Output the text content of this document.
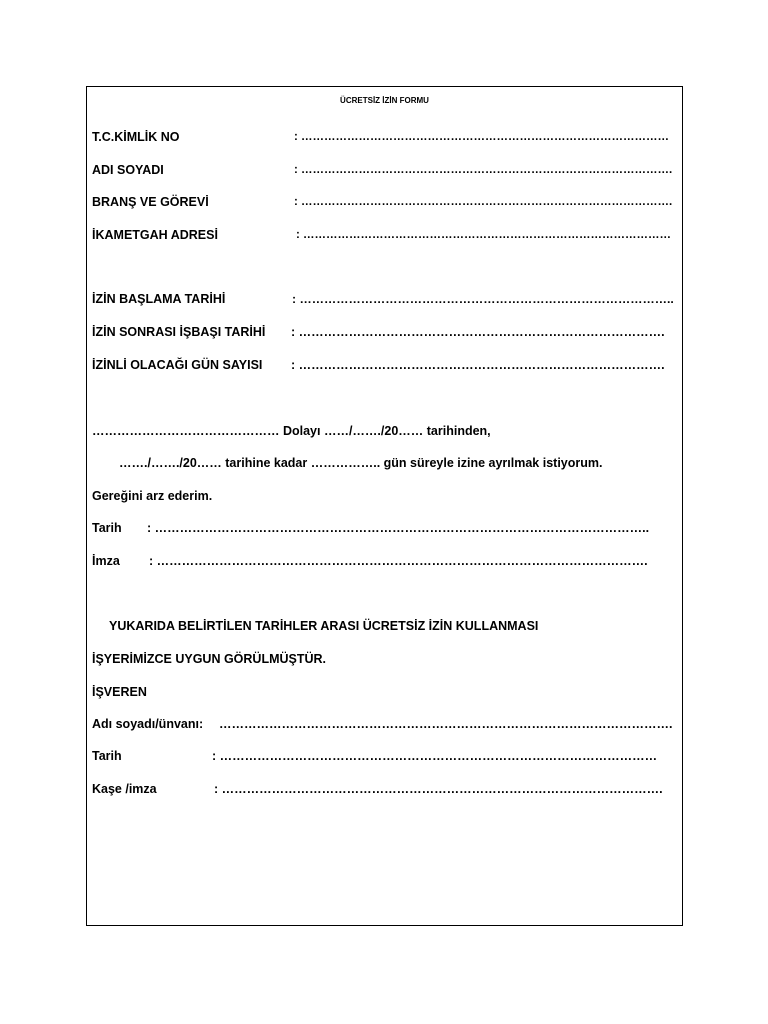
ÜCRETSİZ İZİN FORMU
T.C.KİMLİK NO	: ……………………………………………………………………………………
ADI SOYADI	: …………………………………………………………………………………….
BRANŞ VE GÖREVİ	: …………………………………………………………………………………….
İKAMETGAH ADRESİ	: ……………………………………………………………………………………
İZİN BAŞLAMA TARİHİ	: ………………………………………………………………………………..
İZİN SONRASI İŞBAŞI TARİHİ : …………………………………………………………………………….
İZİNLİ OLACAĞI GÜN SAYISI : …………………………………………………………………………….
……………………………………… Dolayı ……/……./20…… tarihinden,
……./……./20…… tarihine kadar …………….. gün süreyle izine ayrılmak istiyorum.
Gereğini arz ederim.
Tarih : ………………………………………………………………………………………………………..
İmza : ……………………………………………………………………………………………………….
YUKARIDA BELİRTİLEN TARİHLER ARASI ÜCRETSİZ İZİN KULLANMASI
İŞYERİMİZCE UYGUN GÖRÜLMÜŞTÜR.
İŞVEREN
Adı soyadı/ünvanı: ……………………………………………………………………………………………….
Tarih	: ……………………………………………………………………………………………
Kaşe /imza	: …………………………………………………………………………………………….
